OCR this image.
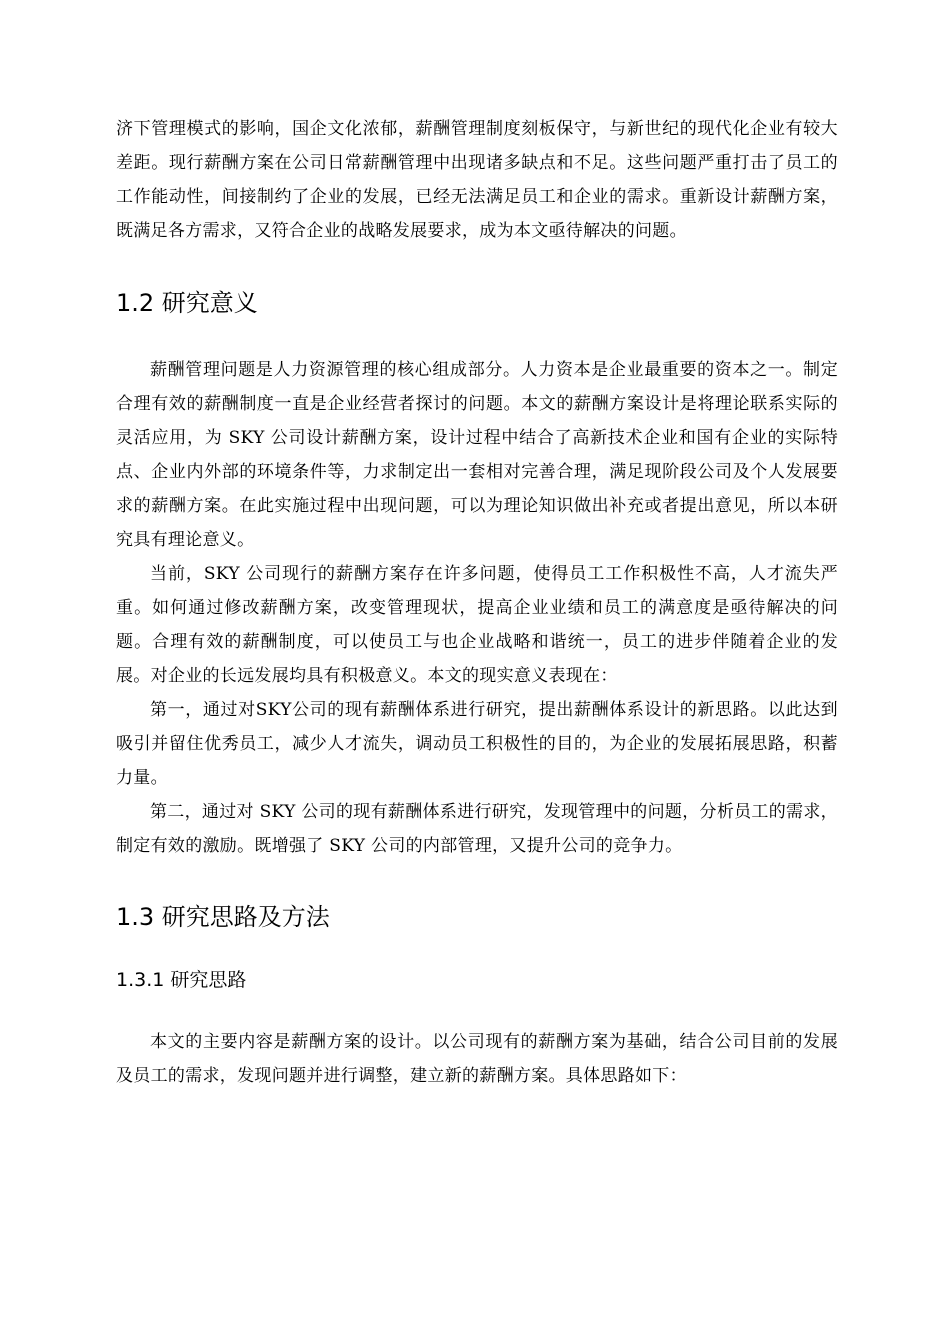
济下管理模式的影响，国企文化浓郁，薪酬管理制度刻板保守，与新世纪的现代化企业有较大差距。现行薪酬方案在公司日常薪酬管理中出现诸多缺点和不足。这些问题严重打击了员工的工作能动性，间接制约了企业的发展，已经无法满足员工和企业的需求。重新设计薪酬方案，既满足各方需求，又符合企业的战略发展要求，成为本文亟待解决的问题。

1.2 研究意义

薪酬管理问题是人力资源管理的核心组成部分。人力资本是企业最重要的资本之一。制定合理有效的薪酬制度一直是企业经营者探讨的问题。本文的薪酬方案设计是将理论联系实际的灵活应用，为 SKY 公司设计薪酬方案，设计过程中结合了高新技术企业和国有企业的实际特点、企业内外部的环境条件等，力求制定出一套相对完善合理，满足现阶段公司及个人发展要求的薪酬方案。在此实施过程中出现问题，可以为理论知识做出补充或者提出意见，所以本研究具有理论意义。

当前，SKY 公司现行的薪酬方案存在许多问题，使得员工工作积极性不高，人才流失严重。如何通过修改薪酬方案，改变管理现状，提高企业业绩和员工的满意度是亟待解决的问题。合理有效的薪酬制度，可以使员工与也企业战略和谐统一，员工的进步伴随着企业的发展。对企业的长远发展均具有积极意义。本文的现实意义表现在：

第一，通过对SKY公司的现有薪酬体系进行研究，提出薪酬体系设计的新思路。以此达到吸引并留住优秀员工，减少人才流失，调动员工积极性的目的，为企业的发展拓展思路，积蓄力量。

第二，通过对 SKY 公司的现有薪酬体系进行研究，发现管理中的问题，分析员工的需求，制定有效的激励。既增强了 SKY 公司的内部管理，又提升公司的竞争力。

1.3 研究思路及方法
1.3.1 研究思路

本文的主要内容是薪酬方案的设计。以公司现有的薪酬方案为基础，结合公司目前的发展及员工的需求，发现问题并进行调整，建立新的薪酬方案。具体思路如下：
